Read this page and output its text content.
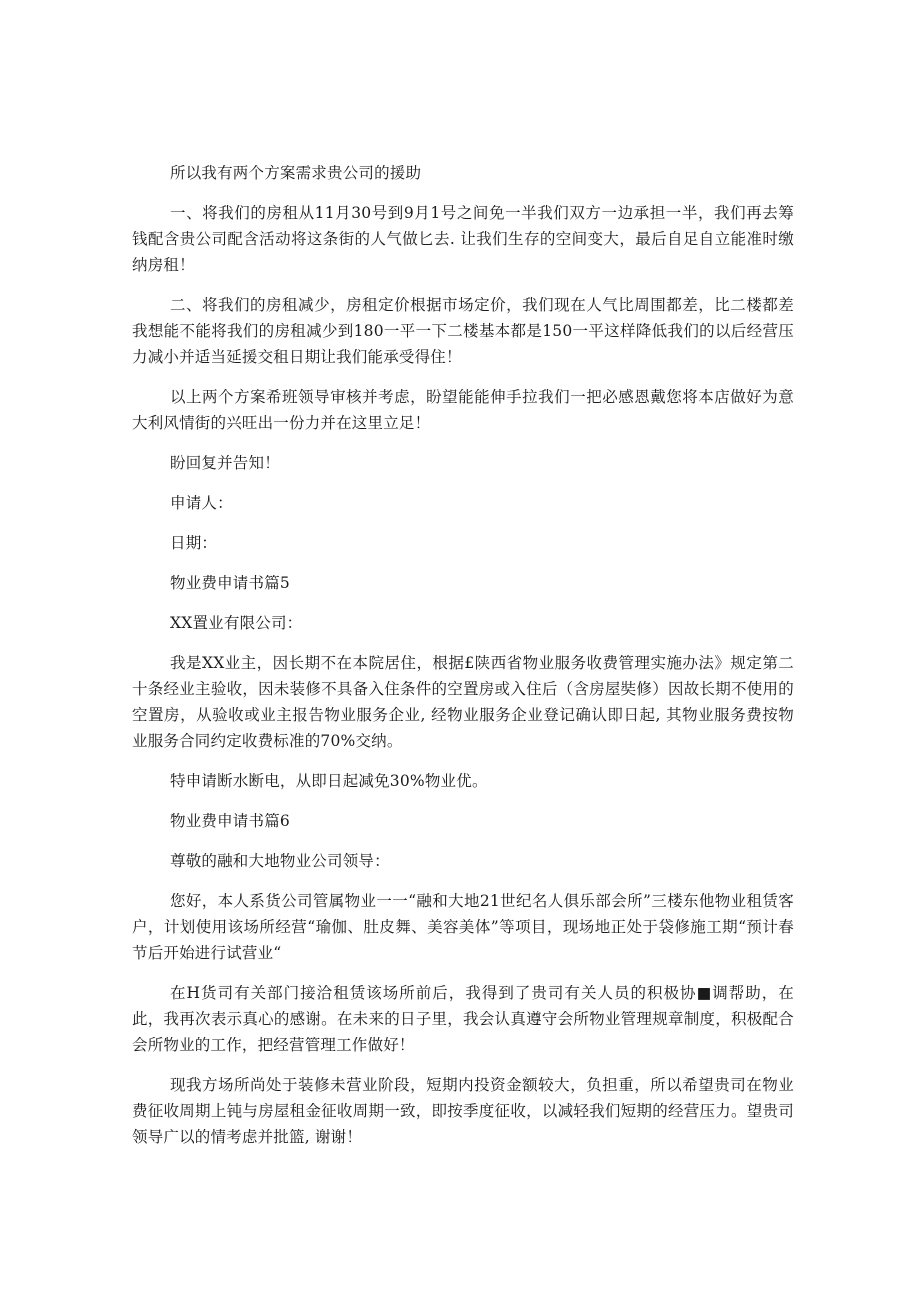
所以我有两个方案需求贵公司的援助

一、将我们的房租从11月30号到9月1号之间免一半我们双方一边承担一半，我们再去筹钱配含贵公司配含活动将这条街的人气做匕去. 让我们生存的空间变大，最后自足自立能准时缴纳房租！

二、将我们的房租减少，房租定价根据市场定价，我们现在人气比周围都差，比二楼都差我想能不能将我们的房租减少到180一平一下二楼基本都是150一平这样降低我们的以后经营压力减小并适当延援交租日期让我们能承受得住！

以上两个方案希班领导审核并考虑，盼望能能伸手拉我们一把必感恩戴您将本店做好为意大利风情街的兴旺出一份力并在这里立足！

盼回复并告知！

申请人：

日期：

物业费申请书篇5

XX置业有限公司：

我是XX业主，因长期不在本院居住，根据£陕西省物业服务收费管理实施办法》规定第二十条经业主验收，因未装修不具备入住条件的空置房或入住后（含房屋奘修）因故长期不使用的空置房，从验收或业主报告物业服务企业, 经物业服务企业登记确认即日起, 其物业服务费按物业服务合同约定收费标准的70%交纳。

特申请断水断电，从即日起减免30%物业优。

物业费申请书篇6

尊敬的融和大地物业公司领导：

您好，本人系货公司管属物业一一“融和大地21世纪名人俱乐部会所”三楼东他物业租赁客户，计划使用该场所经营“瑜伽、肚皮舞、美容美体”等项目，现场地正处于袋修施工期“预计春节后开始进行试营业“

在H货司有关部门接洽租赁该场所前后，我得到了贵司有关人员的积极协■调帮助，在此，我再次表示真心的感谢。在未来的日子里，我会认真遵守会所物业管理规章制度，积极配合会所物业的工作，把经营管理工作做好！

现我方场所尚处于装修未营业阶段，短期内投资金额较大，负担重，所以希望贵司在物业费征收周期上钝与房屋租金征收周期一致，即按季度征收，以减轻我们短期的经营压力。望贵司领导广以的情考虑并批篮, 谢谢！
